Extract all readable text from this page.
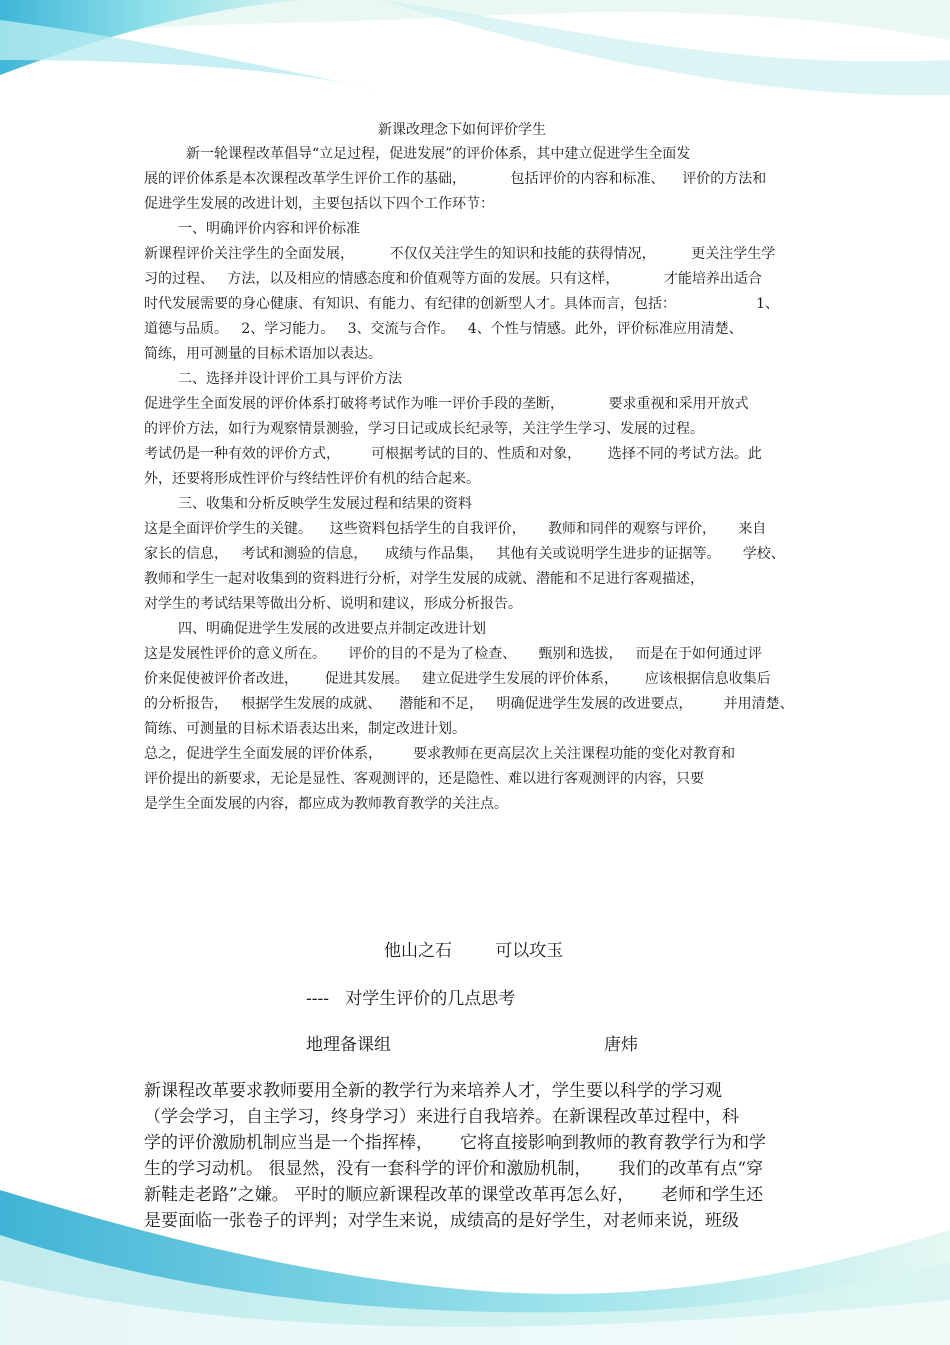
新课改理念下如何评价学生
新一轮课程改革倡导“立足过程，促进发展”的评价体系，其中建立促进学生全面发
展的评价体系是本次课程改革学生评价工作的基础，          包括评价的内容和标准、    评价的方法和
促进学生发展的改进计划，主要包括以下四个工作环节：
一、明确评价内容和评价标准
新课程评价关注学生的全面发展，        不仅仅关注学生的知识和技能的获得情况，        更关注学生学
习的过程、   方法，以及相应的情感态度和价值观等方面的发展。只有这样，          才能培养出适合
时代发展需要的身心健康、有知识、有能力、有纪律的创新型人才。具体而言，包括：                  1、
道德与品质。   2、学习能力。   3、交流与合作。   4、个性与情感。此外，评价标准应用清楚、
简练，用可测量的目标术语加以表达。
二、选择并设计评价工具与评价方法
促进学生全面发展的评价体系打破将考试作为唯一评价手段的垄断，          要求重视和采用开放式
的评价方法，如行为观察情景测验，学习日记或成长纪录等，关注学生学习、发展的过程。
考试仍是一种有效的评价方式，       可根据考试的目的、性质和对象，      选择不同的考试方法。此
外，还要将形成性评价与终结性评价有机的结合起来。
三、收集和分析反映学生发展过程和结果的资料
这是全面评价学生的关键。    这些资料包括学生的自我评价，     教师和同伴的观察与评价，     来自
家长的信息，   考试和测验的信息，    成绩与作品集，   其他有关或说明学生进步的证据等。     学校、
教师和学生一起对收集到的资料进行分析，对学生发展的成就、潜能和不足进行客观描述，
对学生的考试结果等做出分析、说明和建议，形成分析报告。
四、明确促进学生发展的改进要点并制定改进计划
这是发展性评价的意义所在。     评价的目的不是为了检查、     甄别和选拔，   而是在于如何通过评
价来促使被评价者改进，      促进其发展。   建立促进学生发展的评价体系，      应该根据信息收集后
的分析报告，   根据学生发展的成就、    潜能和不足，   明确促进学生发展的改进要点，       并用清楚、
简练、可测量的目标术语表达出来，制定改进计划。
总之，促进学生全面发展的评价体系，       要求教师在更高层次上关注课程功能的变化对教育和
评价提出的新要求，无论是显性、客观测评的，还是隐性、难以进行客观测评的内容，只要
是学生全面发展的内容，都应成为教师教育教学的关注点。
他山之石        可以攻玉
----   对学生评价的几点思考
地理备课组	唐炜
新课程改革要求教师要用全新的教学行为来培养人才，学生要以科学的学习观
（学会学习，自主学习，终身学习）来进行自我培养。在新课程改革过程中，科
学的评价激励机制应当是一个指挥棒，     它将直接影响到教师的教育教学行为和学
生的学习动机。 很显然，没有一套科学的评价和激励机制，     我们的改革有点“穿
新鞋走老路”之嫌。 平时的顺应新课程改革的课堂改革再怎么好，     老师和学生还
是要面临一张卷子的评判；对学生来说，成绩高的是好学生，对老师来说，班级
